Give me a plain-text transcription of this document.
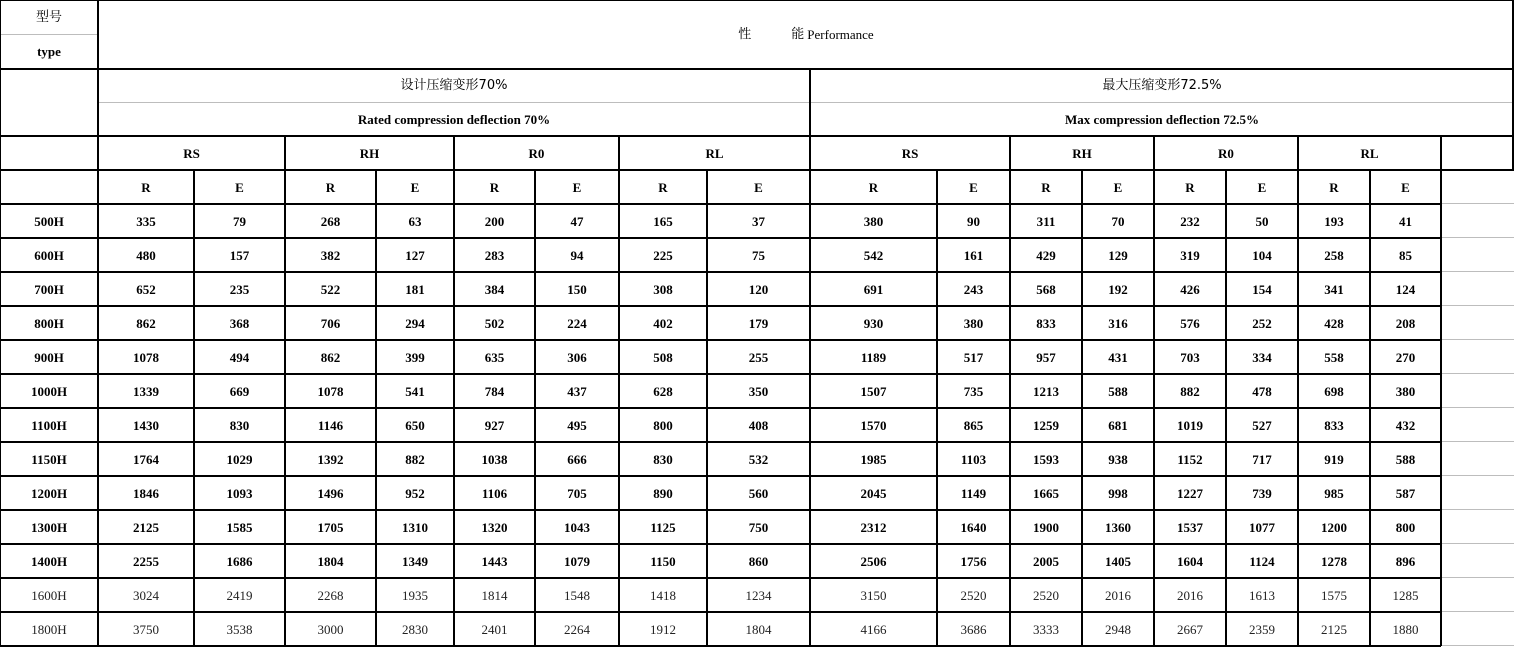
型号
type
性	能 Performance
设计压缩变形70%
Rated compression deflection 70%
最大压缩变形72.5%
Max compression deflection 72.5%
RS	RH	R0	RL	RS	RH	R0	RL
R	E	R	E	R	E	R	E	R	E	R	E	R	E	R	E
500H	335	79	268	63	200	47	165	37	380	90	311	70	232	50	193	41
600H	480	157	382	127	283	94	225	75	542	161	429	129	319	104	258	85
700H	652	235	522	181	384	150	308	120	691	243	568	192	426	154	341	124
800H	862	368	706	294	502	224	402	179	930	380	833	316	576	252	428	208
900H	1078	494	862	399	635	306	508	255	1189	517	957	431	703	334	558	270
1000H	1339	669	1078	541	784	437	628	350	1507	735	1213	588	882	478	698	380
1100H	1430	830	1146	650	927	495	800	408	1570	865	1259	681	1019	527	833	432
1150H	1764	1029	1392	882	1038	666	830	532	1985	1103	1593	938	1152	717	919	588
1200H	1846	1093	1496	952	1106	705	890	560	2045	1149	1665	998	1227	739	985	587
1300H	2125	1585	1705	1310	1320	1043	1125	750	2312	1640	1900	1360	1537	1077	1200	800
1400H	2255	1686	1804	1349	1443	1079	1150	860	2506	1756	2005	1405	1604	1124	1278	896
1600H	3024	2419	2268	1935	1814	1548	1418	1234	3150	2520	2520	2016	2016	1613	1575	1285
1800H	3750	3538	3000	2830	2401	2264	1912	1804	4166	3686	3333	2948	2667	2359	2125	1880
